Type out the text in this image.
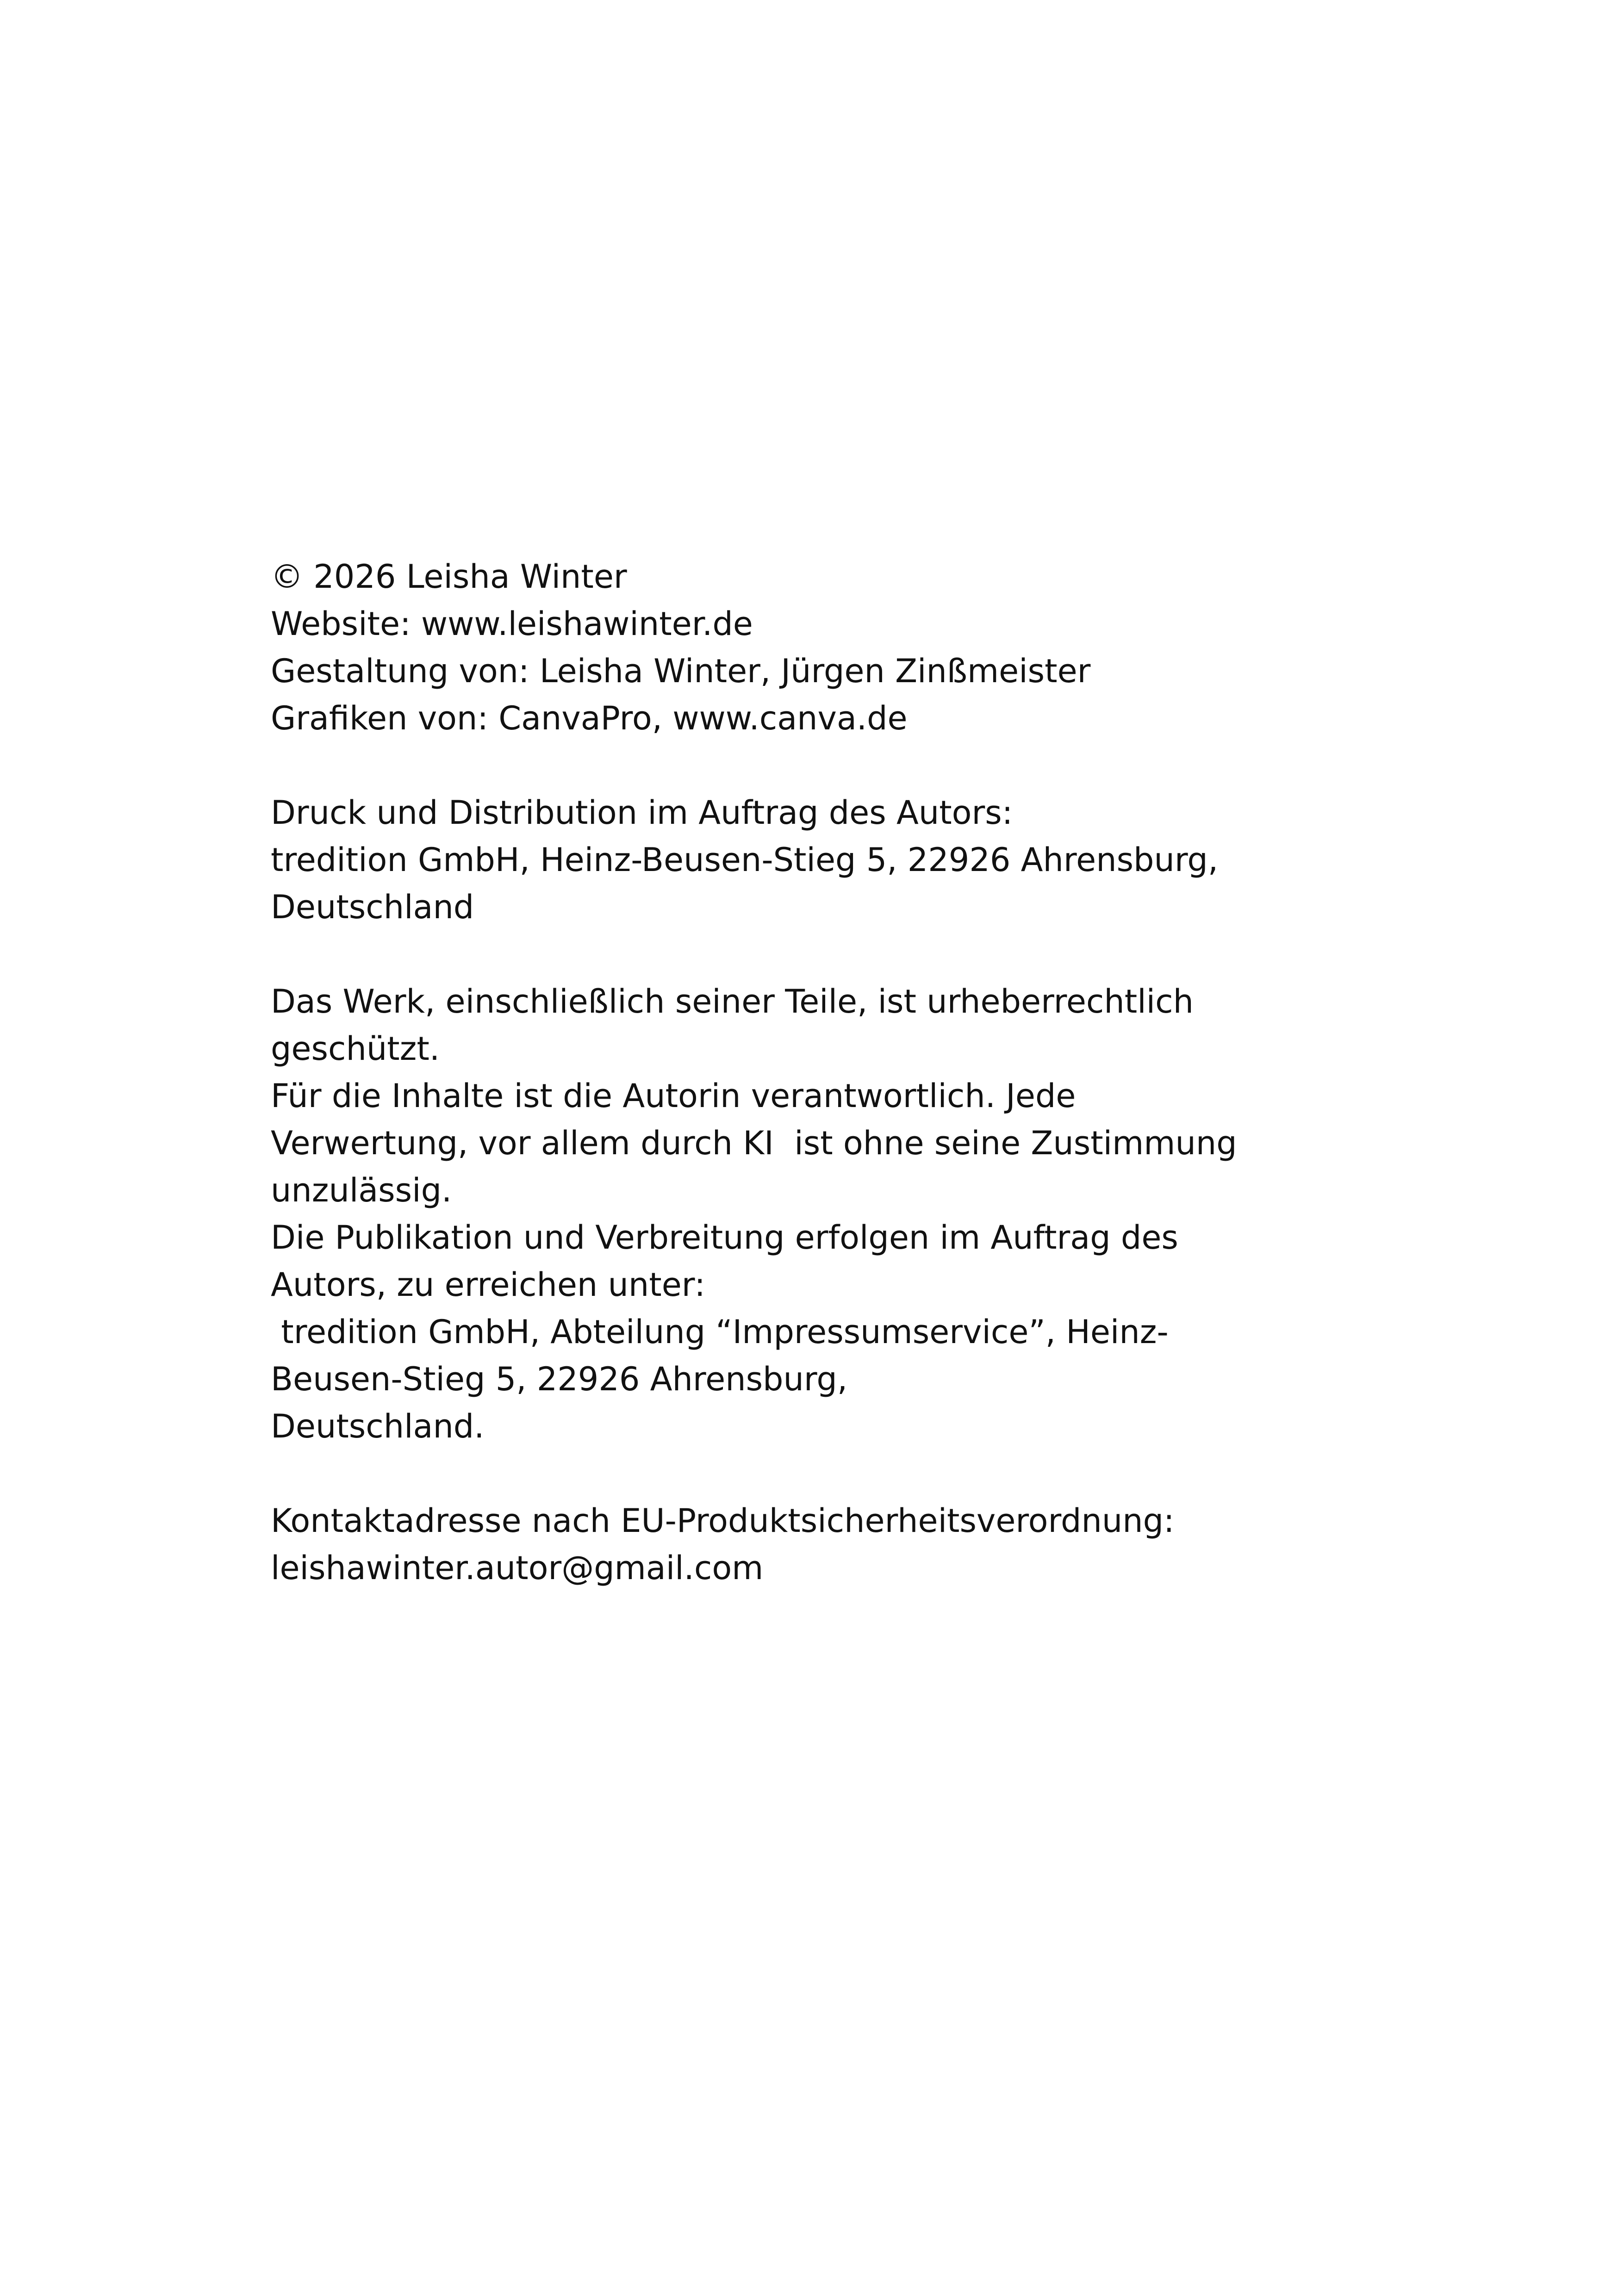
© 2026 Leisha Winter
Website: www.leishawinter.de
Gestaltung von: Leisha Winter, Jürgen Zinßmeister
Grafiken von: CanvaPro, www.canva.de
Druck und Distribution im Auftrag des Autors:
tredition GmbH, Heinz-Beusen-Stieg 5, 22926 Ahrensburg,
Deutschland
Das Werk, einschließlich seiner Teile, ist urheberrechtlich
geschützt.
Für die Inhalte ist die Autorin verantwortlich. Jede
Verwertung, vor allem durch KI  ist ohne seine Zustimmung
unzulässig.
Die Publikation und Verbreitung erfolgen im Auftrag des
Autors, zu erreichen unter:
tredition GmbH, Abteilung “Impressumservice”, Heinz-
Beusen-Stieg 5, 22926 Ahrensburg,
Deutschland.
Kontaktadresse nach EU-Produktsicherheitsverordnung:
leishawinter.autor@gmail.com
